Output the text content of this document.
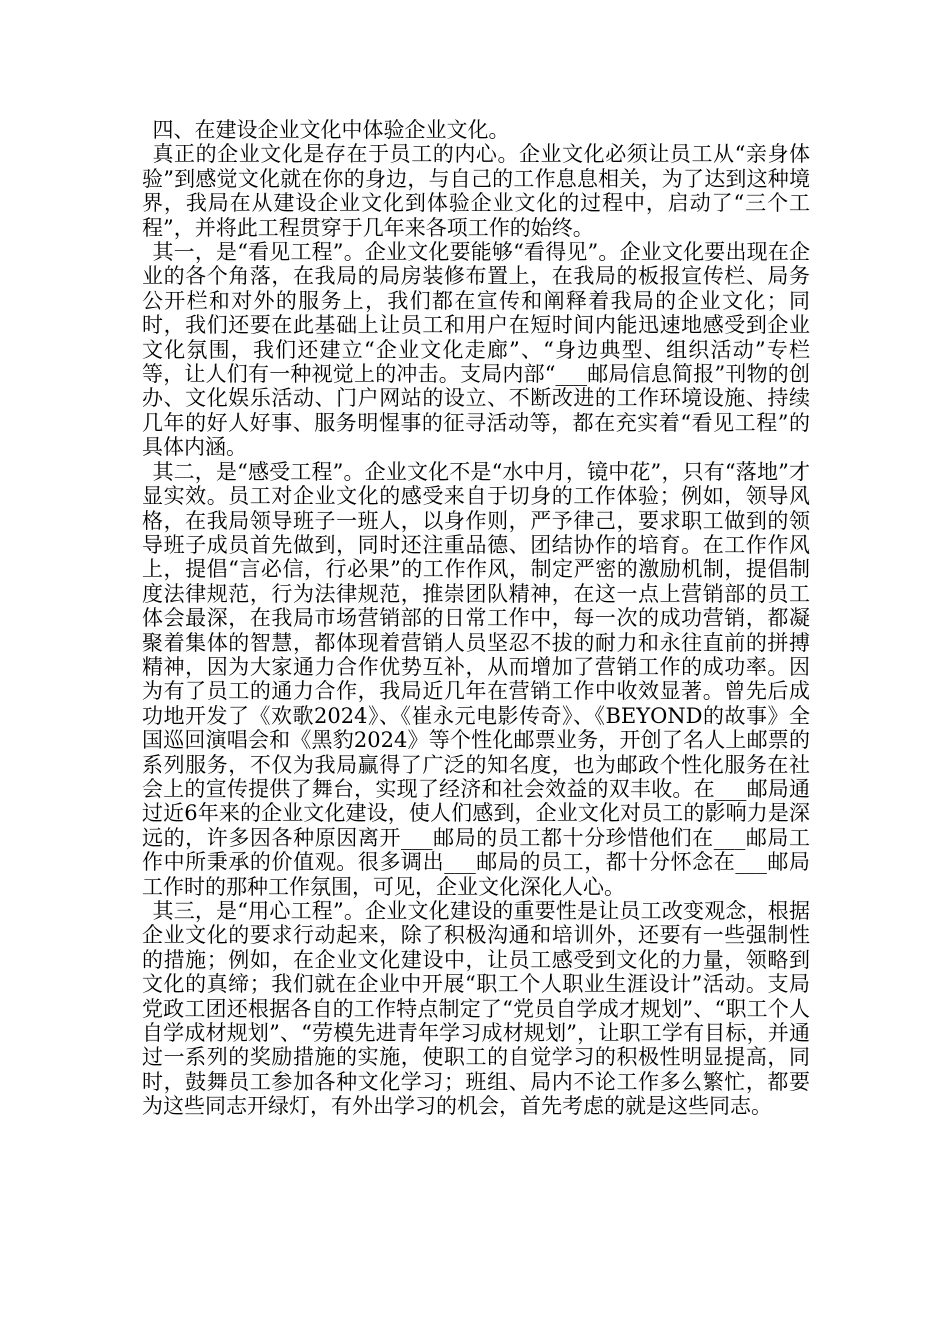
四、在建设企业文化中体验企业文化。

真正的企业文化是存在于员工的内心。企业文化必须让员工从“亲身体验”到感觉文化就在你的身边，与自己的工作息息相关，为了达到这种境界，我局在从建设企业文化到体验企业文化的过程中，启动了“三个工程”，并将此工程贯穿于几年来各项工作的始终。

其一，是“看见工程”。企业文化要能够“看得见”。企业文化要出现在企业的各个角落，在我局的局房装修布置上，在我局的板报宣传栏、局务公开栏和对外的服务上，我们都在宣传和阐释着我局的企业文化；同时，我们还要在此基础上让员工和用户在短时间内能迅速地感受到企业文化氛围，我们还建立“企业文化走廊”、“身边典型、组织活动”专栏等，让人们有一种视觉上的冲击。支局内部“___邮局信息简报”刊物的创办、文化娱乐活动、门户网站的设立、不断改进的工作环境设施、持续几年的好人好事、服务明惺事的征寻活动等，都在充实着“看见工程”的具体内涵。

其二，是“感受工程”。企业文化不是“水中月，镜中花”，只有“落地”才显实效。员工对企业文化的感受来自于切身的工作体验；例如，领导风格，在我局领导班子一班人，以身作则，严予律己，要求职工做到的领导班子成员首先做到，同时还注重品德、团结协作的培育。在工作作风上，提倡“言必信，行必果”的工作作风，制定严密的激励机制，提倡制度法律规范，行为法律规范，推崇团队精神，在这一点上营销部的员工体会最深，在我局市场营销部的日常工作中，每一次的成功营销，都凝聚着集体的智慧，都体现着营销人员坚忍不拔的耐力和永往直前的拼搏精神，因为大家通力合作优势互补，从而增加了营销工作的成功率。因为有了员工的通力合作，我局近几年在营销工作中收效显著。曾先后成功地开发了《欢歌2024》、《崔永元电影传奇》、《BEYOND的故事》全国巡回演唱会和《黑豹2024》等个性化邮票业务，开创了名人上邮票的系列服务，不仅为我局赢得了广泛的知名度，也为邮政个性化服务在社会上的宣传提供了舞台，实现了经济和社会效益的双丰收。在___邮局通过近6年来的企业文化建设，使人们感到，企业文化对员工的影响力是深远的，许多因各种原因离开___邮局的员工都十分珍惜他们在___邮局工作中所秉承的价值观。很多调出___邮局的员工，都十分怀念在___邮局工作时的那种工作氛围，可见，企业文化深化人心。

其三，是“用心工程”。企业文化建设的重要性是让员工改变观念，根据企业文化的要求行动起来，除了积极沟通和培训外，还要有一些强制性的措施；例如，在企业文化建设中，让员工感受到文化的力量，领略到文化的真缔；我们就在企业中开展“职工个人职业生涯设计”活动。支局党政工团还根据各自的工作特点制定了“党员自学成才规划”、“职工个人自学成材规划”、“劳模先进青年学习成材规划”，让职工学有目标，并通过一系列的奖励措施的实施，使职工的自觉学习的积极性明显提高，同时，鼓舞员工参加各种文化学习；班组、局内不论工作多么繁忙，都要为这些同志开绿灯，有外出学习的机会，首先考虑的就是这些同志。
